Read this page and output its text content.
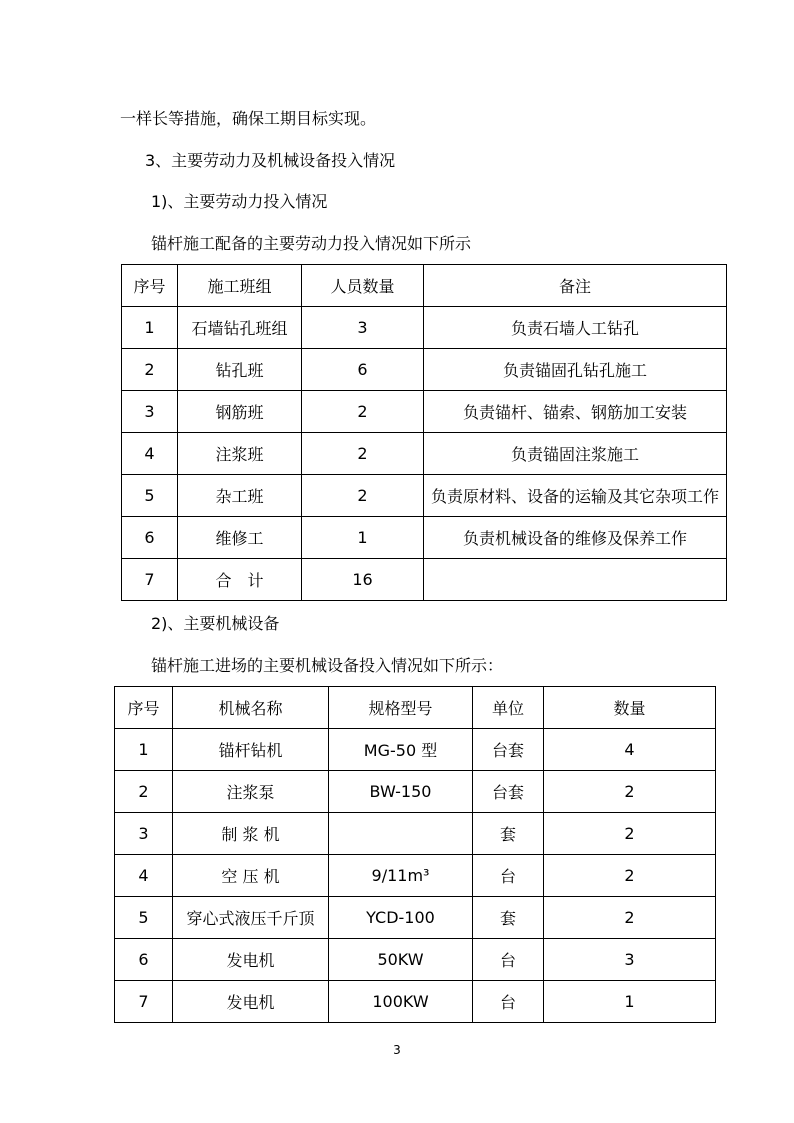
一样长等措施，确保工期目标实现。
3、主要劳动力及机械设备投入情况
1)、主要劳动力投入情况
锚杆施工配备的主要劳动力投入情况如下所示
序号	施工班组	人员数量	备注
1	石墙钻孔班组	3	负责石墙人工钻孔
2	钻孔班	6	负责锚固孔钻孔施工
3	钢筋班	2	负责锚杆、锚索、钢筋加工安装
4	注浆班	2	负责锚固注浆施工
5	杂工班	2	负责原材料、设备的运输及其它杂项工作
6	维修工	1	负责机械设备的维修及保养工作
7	合　计	16	
2)、主要机械设备
锚杆施工进场的主要机械设备投入情况如下所示：
序号	机械名称	规格型号	单位	数量
1	锚杆钻机	MG-50 型	台套	4
2	注浆泵	BW-150	台套	2
3	制 浆 机		套	2
4	空 压 机	9/11m³	台	2
5	穿心式液压千斤顶	YCD-100	套	2
6	发电机	50KW	台	3
7	发电机	100KW	台	1
3
